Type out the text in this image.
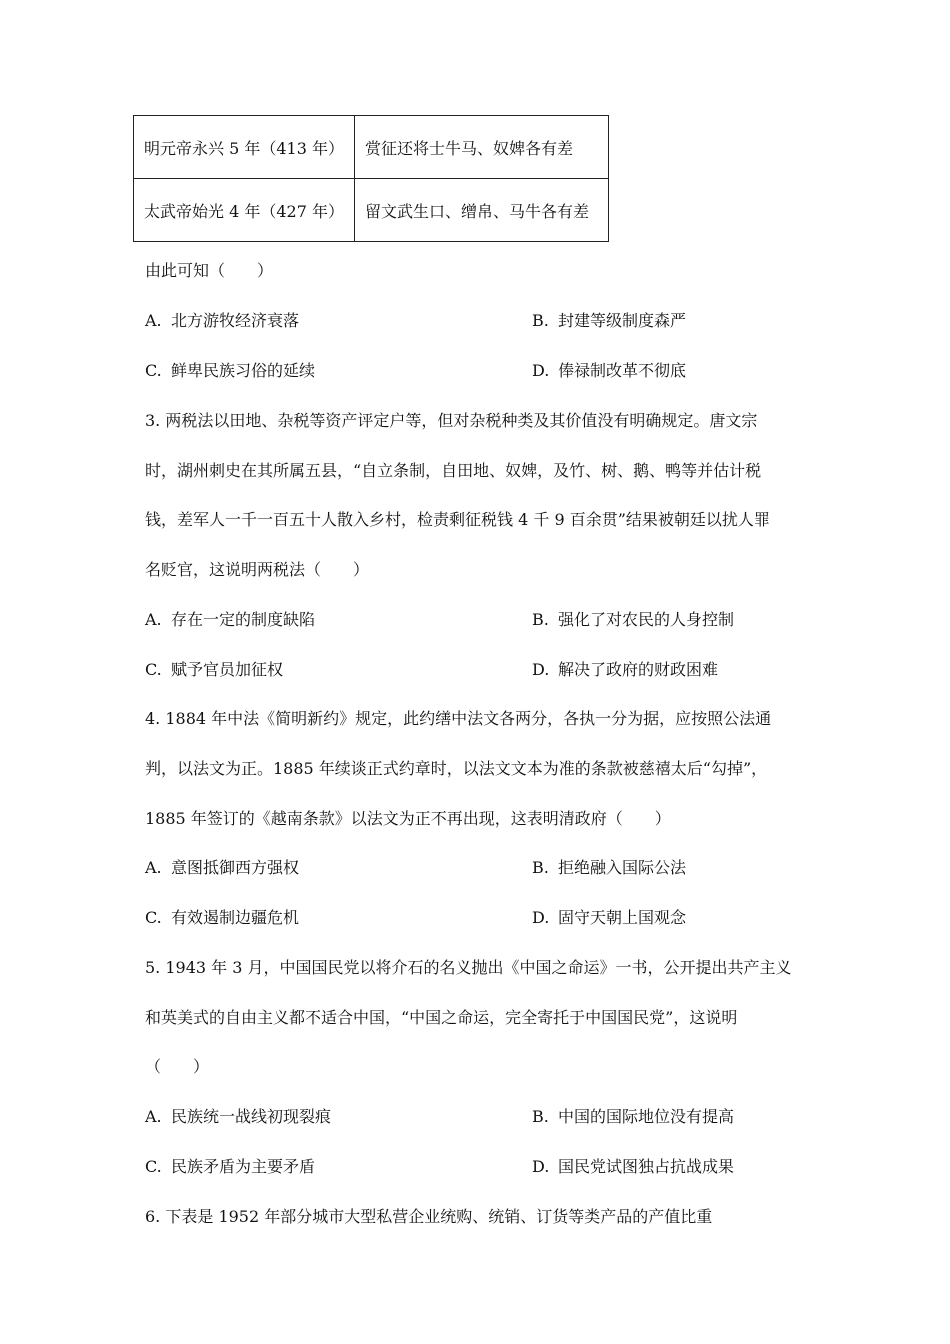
明元帝永兴 5 年（413 年）	赏征还将士牛马、奴婢各有差
太武帝始光 4 年（427 年）	留文武生口、缯帛、马牛各有差
由此可知（　　）
A. 北方游牧经济衰落	B. 封建等级制度森严
C. 鲜卑民族习俗的延续	D. 俸禄制改革不彻底
3. 两税法以田地、杂税等资产评定户等，但对杂税种类及其价值没有明确规定。唐文宗
时，湖州刺史在其所属五县，“自立条制，自田地、奴婢，及竹、树、鹅、鸭等并估计税
钱，差军人一千一百五十人散入乡村，检责剩征税钱 4 千 9 百余贯”结果被朝廷以扰人罪
名贬官，这说明两税法（　　）
A. 存在一定的制度缺陷	B. 强化了对农民的人身控制
C. 赋予官员加征权	D. 解决了政府的财政困难
4. 1884 年中法《简明新约》规定，此约缮中法文各两分，各执一分为据，应按照公法通
判，以法文为正。1885 年续谈正式约章时，以法文文本为准的条款被慈禧太后“勾掉”，
1885 年签订的《越南条款》以法文为正不再出现，这表明清政府（　　）
A. 意图抵御西方强权	B. 拒绝融入国际公法
C. 有效遏制边疆危机	D. 固守天朝上国观念
5. 1943 年 3 月，中国国民党以将介石的名义抛出《中国之命运》一书，公开提出共产主义
和英美式的自由主义都不适合中国，“中国之命运，完全寄托于中国国民党”，这说明
（　　）
A. 民族统一战线初现裂痕	B. 中国的国际地位没有提高
C. 民族矛盾为主要矛盾	D. 国民党试图独占抗战成果
6. 下表是 1952 年部分城市大型私营企业统购、统销、订货等类产品的产值比重
